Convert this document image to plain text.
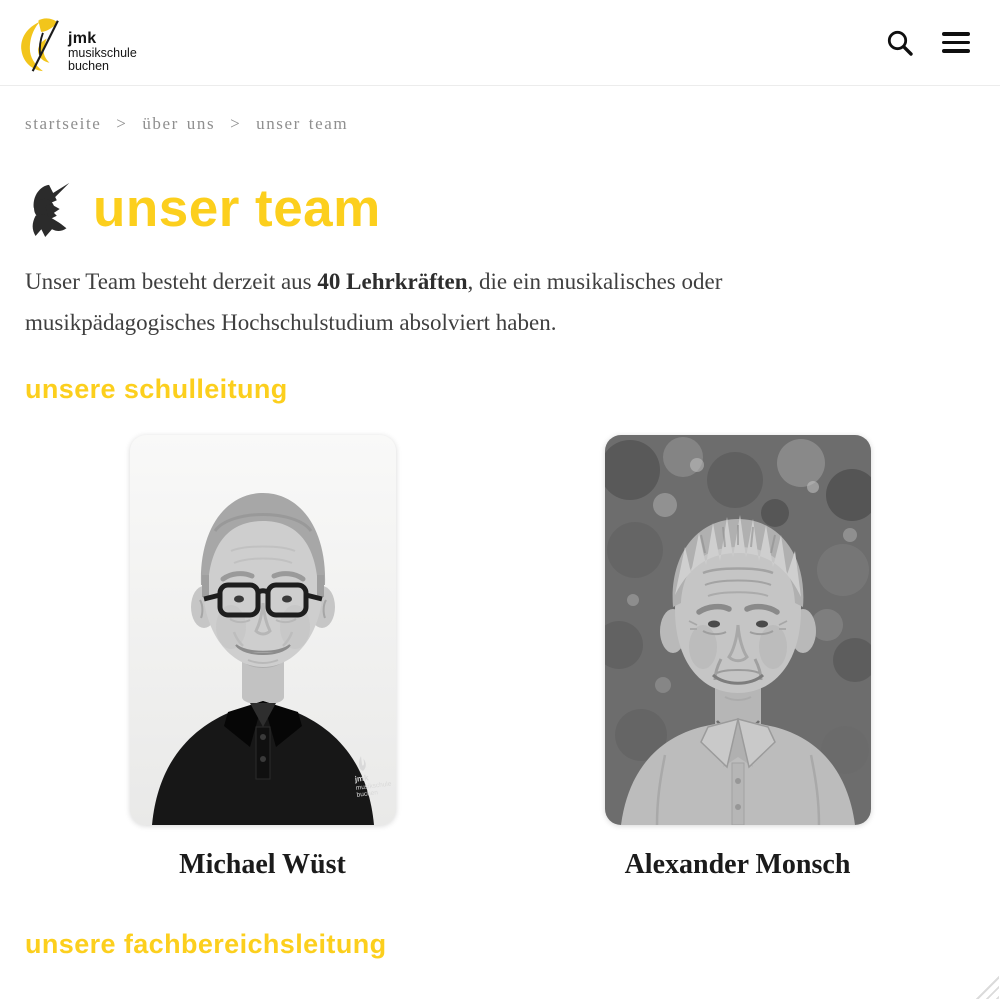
jmk
musikschule
buchen
startseite > über uns > unser team
unser team

Unser Team besteht derzeit aus 40 Lehrkräften, die ein musikalisches oder musikpädagogisches Hochschulstudium absolviert haben.

unsere schulleitung
jmk
musikschule
buchen
Michael Wüst	Alexander Monsch
unsere fachbereichsleitung
